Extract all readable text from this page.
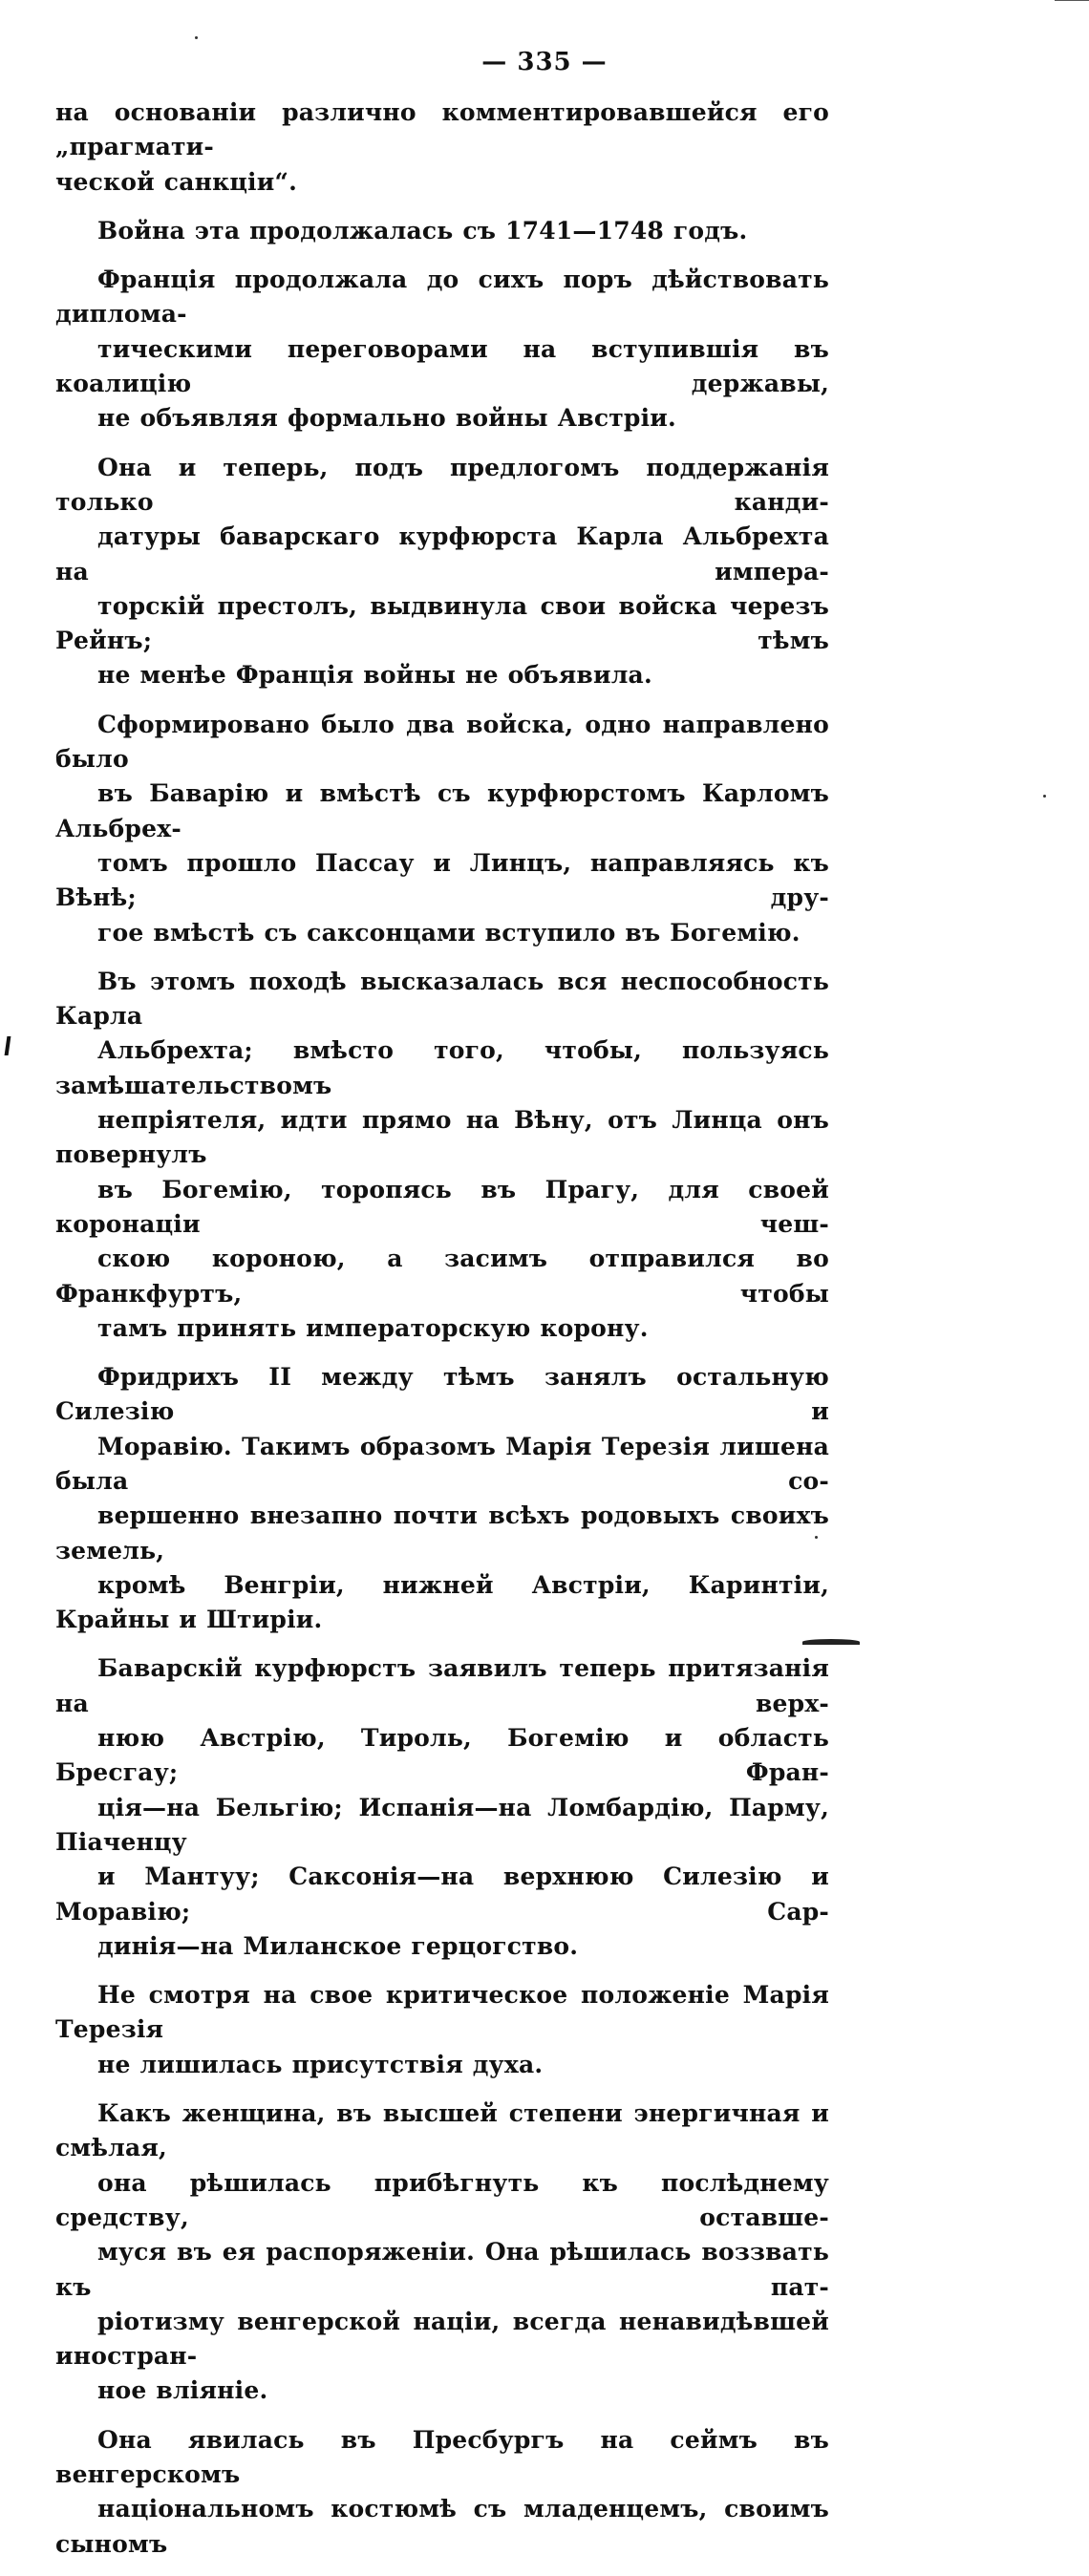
— 335 —
на основаніи различно комментировавшейся его „прагмати-
ческой санкціи“.
Война эта продолжалась съ 1741—1748 годъ.
Франція продолжала до сихъ поръ дѣйствовать диплома-
тическими переговорами на вступившія въ коалицію державы,
не объявляя формально войны Австріи.
Она и теперь, подъ предлогомъ поддержанія только канди-
датуры баварскаго курфюрста Карла Альбрехта на импера-
торскій престолъ, выдвинула свои войска черезъ Рейнъ; тѣмъ
не менѣе Франція войны не объявила.
Сформировано было два войска, одно направлено было
въ Баварію и вмѣстѣ съ курфюрстомъ Карломъ Альбрех-
томъ прошло Пассау и Линцъ, направляясь къ Вѣнѣ; дру-
гое вмѣстѣ съ саксонцами вступило въ Богемію.
Въ этомъ походѣ высказалась вся неспособность Карла
Альбрехта; вмѣсто того, чтобы, пользуясь замѣшательствомъ
непріятеля, идти прямо на Вѣну, отъ Линца онъ повернулъ
въ Богемію, торопясь въ Прагу, для своей коронаціи чеш-
скою короною, а засимъ отправился во Франкфуртъ, чтобы
тамъ принять императорскую корону.
Фридрихъ II между тѣмъ занялъ остальную Силезію и
Моравію. Такимъ образомъ Марія Терезія лишена была со-
вершенно внезапно почти всѣхъ родовыхъ своихъ земель,
кромѣ Венгріи, нижней Австріи, Каринтіи, Крайны и Штиріи.
Баварскій курфюрстъ заявилъ теперь притязанія на верх-
нюю Австрію, Тироль, Богемію и область Бресгау; Фран-
ція—на Бельгію; Испанія—на Ломбардію, Парму, Піаченцу
и Мантуу; Саксонія—на верхнюю Силезію и Моравію; Сар-
динія—на Миланское герцогство.
Не смотря на свое критическое положеніе Марія Терезія
не лишилась присутствія духа.
Какъ женщина, въ высшей степени энергичная и смѣлая,
она рѣшилась прибѣгнуть къ послѣднему средству, оставше-
муся въ ея распоряженіи. Она рѣшилась воззвать къ пат-
ріотизму венгерской націи, всегда ненавидѣвшей иностран-
ное вліяніе.
Она явилась въ Пресбургъ на сеймъ въ венгерскомъ
національномъ костюмѣ съ младенцемъ, своимъ сыномъ
